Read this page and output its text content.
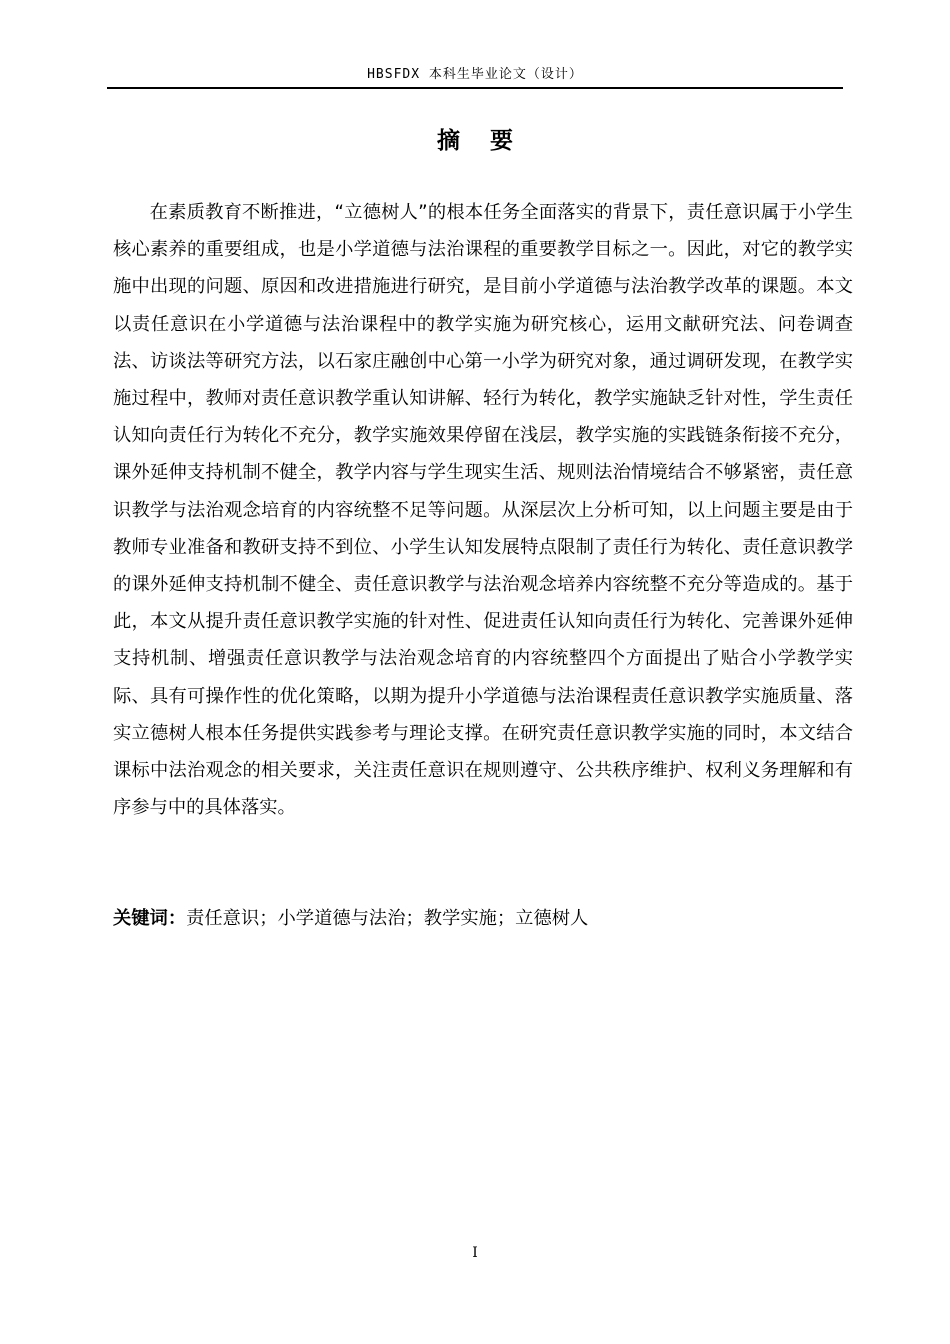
HBSFDX 本科生毕业论文（设计）
摘 要

在素质教育不断推进，“立德树人”的根本任务全面落实的背景下，责任意识属于小学生核心素养的重要组成，也是小学道德与法治课程的重要教学目标之一。因此，对它的教学实施中出现的问题、原因和改进措施进行研究，是目前小学道德与法治教学改革的课题。本文以责任意识在小学道德与法治课程中的教学实施为研究核心，运用文献研究法、问卷调查法、访谈法等研究方法，以石家庄融创中心第一小学为研究对象，通过调研发现，在教学实施过程中，教师对责任意识教学重认知讲解、轻行为转化，教学实施缺乏针对性，学生责任认知向责任行为转化不充分，教学实施效果停留在浅层，教学实施的实践链条衔接不充分，课外延伸支持机制不健全，教学内容与学生现实生活、规则法治情境结合不够紧密，责任意识教学与法治观念培育的内容统整不足等问题。从深层次上分析可知，以上问题主要是由于教师专业准备和教研支持不到位、小学生认知发展特点限制了责任行为转化、责任意识教学的课外延伸支持机制不健全、责任意识教学与法治观念培养内容统整不充分等造成的。基于此，本文从提升责任意识教学实施的针对性、促进责任认知向责任行为转化、完善课外延伸支持机制、增强责任意识教学与法治观念培育的内容统整四个方面提出了贴合小学教学实际、具有可操作性的优化策略，以期为提升小学道德与法治课程责任意识教学实施质量、落实立德树人根本任务提供实践参考与理论支撑。在研究责任意识教学实施的同时，本文结合课标中法治观念的相关要求，关注责任意识在规则遵守、公共秩序维护、权利义务理解和有序参与中的具体落实。

关键词：责任意识；小学道德与法治；教学实施；立德树人
I
